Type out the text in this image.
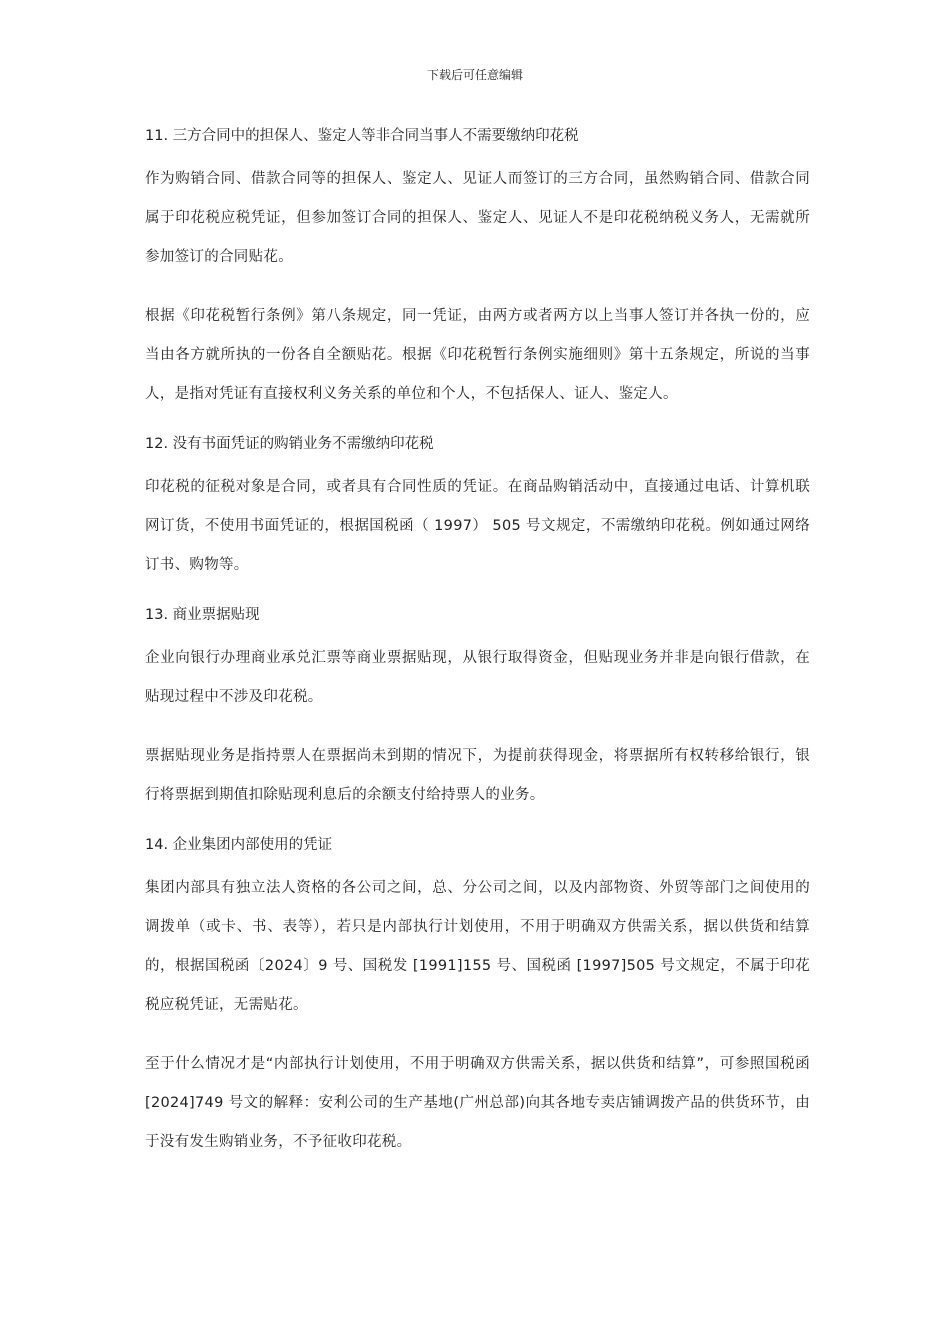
下载后可任意编辑
11. 三方合同中的担保人、鉴定人等非合同当事人不需要缴纳印花税

作为购销合同、借款合同等的担保人、鉴定人、见证人而签订的三方合同，虽然购销合同、借款合同属于印花税应税凭证，但参加签订合同的担保人、鉴定人、见证人不是印花税纳税义务人，无需就所参加签订的合同贴花。

根据《印花税暂行条例》第八条规定，同一凭证，由两方或者两方以上当事人签订并各执一份的，应当由各方就所执的一份各自全额贴花。根据《印花税暂行条例实施细则》第十五条规定，所说的当事人，是指对凭证有直接权利义务关系的单位和个人，不包括保人、证人、鉴定人。

12. 没有书面凭证的购销业务不需缴纳印花税

印花税的征税对象是合同，或者具有合同性质的凭证。在商品购销活动中，直接通过电话、计算机联网订货，不使用书面凭证的，根据国税函（ 1997） 505 号文规定，不需缴纳印花税。例如通过网络订书、购物等。

13. 商业票据贴现

企业向银行办理商业承兑汇票等商业票据贴现，从银行取得资金，但贴现业务并非是向银行借款，在贴现过程中不涉及印花税。

票据贴现业务是指持票人在票据尚未到期的情况下，为提前获得现金，将票据所有权转移给银行，银行将票据到期值扣除贴现利息后的余额支付给持票人的业务。

14. 企业集团内部使用的凭证

集团内部具有独立法人资格的各公司之间，总、分公司之间，以及内部物资、外贸等部门之间使用的调拨单（或卡、书、表等），若只是内部执行计划使用，不用于明确双方供需关系，据以供货和结算的，根据国税函〔2024〕9 号、国税发 [1991]155 号、国税函 [1997]505 号文规定，不属于印花税应税凭证，无需贴花。

至于什么情况才是“内部执行计划使用，不用于明确双方供需关系，据以供货和结算”，可参照国税函[2024]749 号文的解释：安利公司的生产基地(广州总部)向其各地专卖店铺调拨产品的供货环节，由于没有发生购销业务，不予征收印花税。
